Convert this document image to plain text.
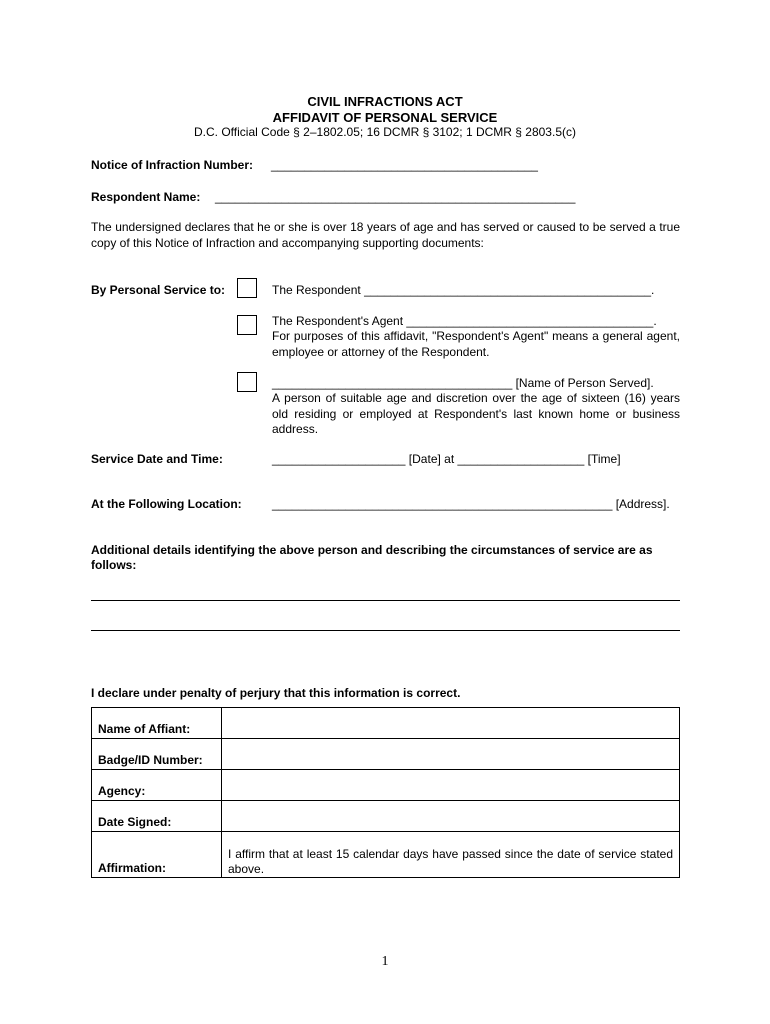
CIVIL INFRACTIONS ACT
AFFIDAVIT OF PERSONAL SERVICE
D.C. Official Code § 2–1802.05; 16 DCMR § 3102; 1 DCMR § 2803.5(c)
Notice of Infraction Number: ________________________________________
Respondent Name: ______________________________________________________
The undersigned declares that he or she is over 18 years of age and has served or caused to be served a true copy of this Notice of Infraction and accompanying supporting documents:
By Personal Service to:	The Respondent ___________________________________________.
The Respondent's Agent _____________________________________.
For purposes of this affidavit, "Respondent's Agent" means a general agent, employee or attorney of the Respondent.
____________________________________ [Name of Person Served].
A person of suitable age and discretion over the age of sixteen (16) years old residing or employed at Respondent's last known home or business address.
Service Date and Time:	____________________ [Date] at ___________________ [Time]
At the Following Location:	___________________________________________________ [Address].
Additional details identifying the above person and describing the circumstances of service are as follows:
I declare under penalty of perjury that this information is correct.
Name of Affiant:	
Badge/ID Number:	
Agency:	
Date Signed:	
Affirmation:	I affirm that at least 15 calendar days have passed since the date of service stated above.
1
